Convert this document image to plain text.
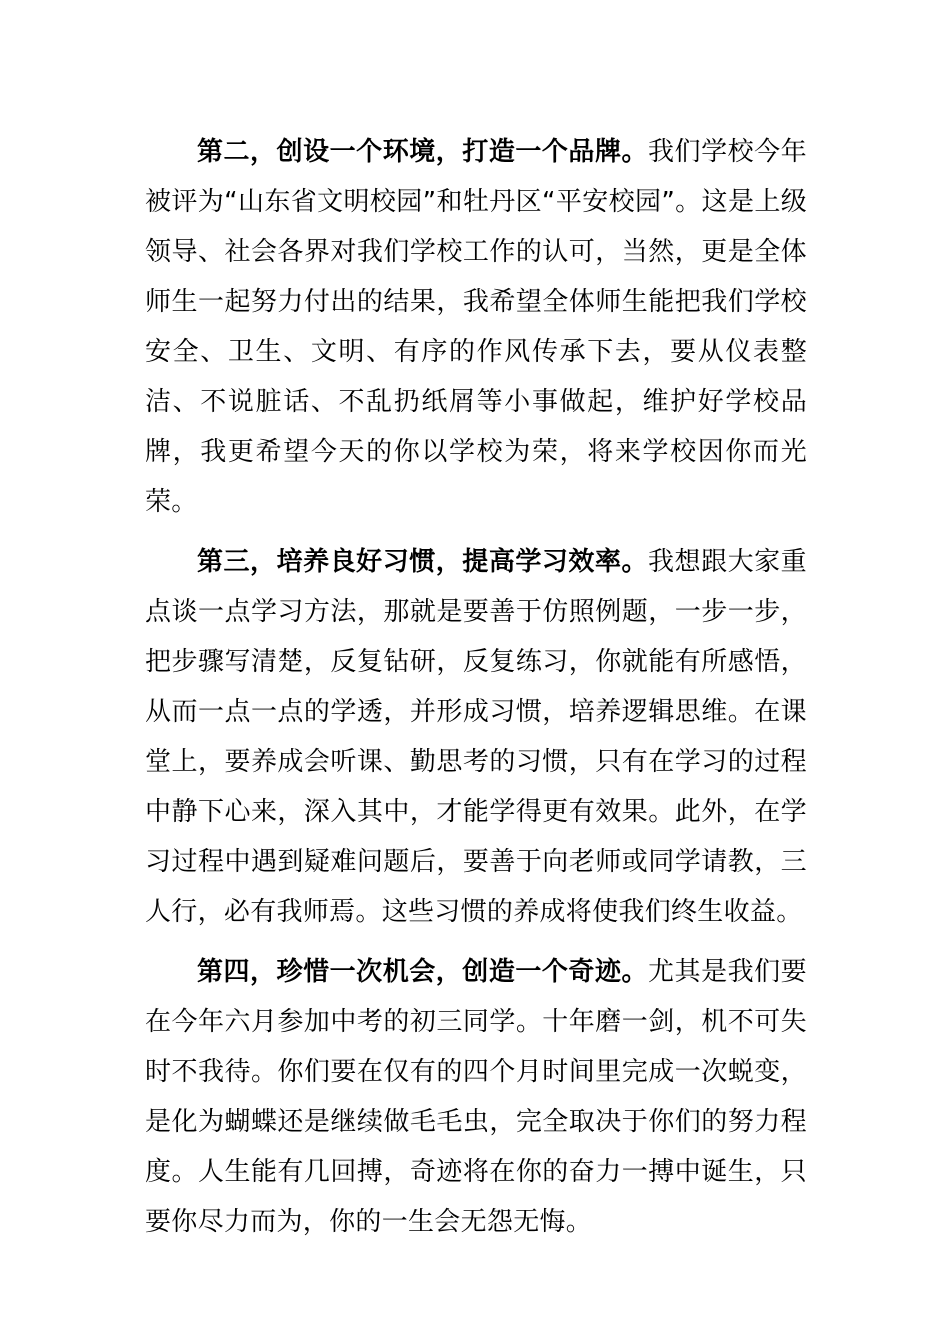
第二，创设一个环境，打造一个品牌。我们学校今年被评为“山东省文明校园”和牡丹区“平安校园”。这是上级领导、社会各界对我们学校工作的认可，当然，更是全体师生一起努力付出的结果，我希望全体师生能把我们学校安全、卫生、文明、有序的作风传承下去，要从仪表整洁、不说脏话、不乱扔纸屑等小事做起，维护好学校品牌，我更希望今天的你以学校为荣，将来学校因你而光荣。

第三，培养良好习惯，提高学习效率。我想跟大家重点谈一点学习方法，那就是要善于仿照例题，一步一步，把步骤写清楚，反复钻研，反复练习，你就能有所感悟，从而一点一点的学透，并形成习惯，培养逻辑思维。在课堂上，要养成会听课、勤思考的习惯，只有在学习的过程中静下心来，深入其中，才能学得更有效果。此外，在学习过程中遇到疑难问题后，要善于向老师或同学请教，三人行，必有我师焉。这些习惯的养成将使我们终生收益。

第四，珍惜一次机会，创造一个奇迹。尤其是我们要在今年六月参加中考的初三同学。十年磨一剑，机不可失时不我待。你们要在仅有的四个月时间里完成一次蜕变，是化为蝴蝶还是继续做毛毛虫，完全取决于你们的努力程度。人生能有几回搏，奇迹将在你的奋力一搏中诞生，只要你尽力而为，你的一生会无怨无悔。
